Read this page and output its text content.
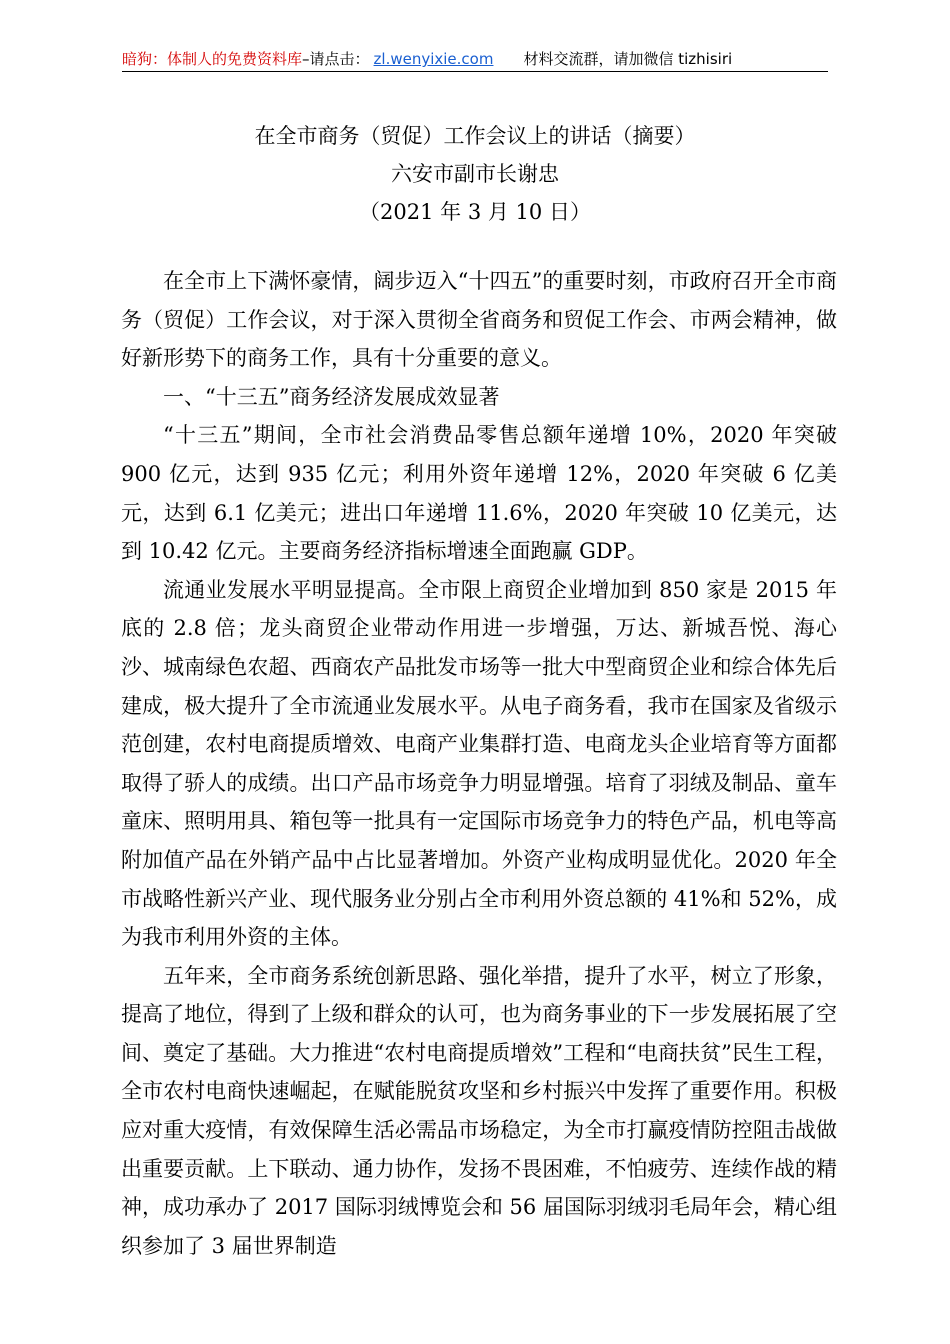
暗狗：体制人的免费资料库–请点击： zl.wenyixie.com 材料交流群，请加微信 tizhisiri
在全市商务（贸促）工作会议上的讲话（摘要）
六安市副市长谢忠
（2021 年 3 月 10 日）

在全市上下满怀豪情，阔步迈入“十四五”的重要时刻，市政府召开全市商务（贸促）工作会议，对于深入贯彻全省商务和贸促工作会、市两会精神，做好新形势下的商务工作，具有十分重要的意义。

一、“十三五”商务经济发展成效显著

“十三五”期间，全市社会消费品零售总额年递增 10%，2020 年突破 900 亿元，达到 935 亿元；利用外资年递增 12%，2020 年突破 6 亿美元，达到 6.1 亿美元；进出口年递增 11.6%，2020 年突破 10 亿美元，达到 10.42 亿元。主要商务经济指标增速全面跑赢 GDP。

流通业发展水平明显提高。全市限上商贸企业增加到 850 家是 2015 年底的 2.8 倍；龙头商贸企业带动作用进一步增强，万达、新城吾悦、海心沙、城南绿色农超、西商农产品批发市场等一批大中型商贸企业和综合体先后建成，极大提升了全市流通业发展水平。从电子商务看，我市在国家及省级示范创建，农村电商提质增效、电商产业集群打造、电商龙头企业培育等方面都取得了骄人的成绩。出口产品市场竞争力明显增强。培育了羽绒及制品、童车童床、照明用具、箱包等一批具有一定国际市场竞争力的特色产品，机电等高附加值产品在外销产品中占比显著增加。外资产业构成明显优化。2020 年全市战略性新兴产业、现代服务业分别占全市利用外资总额的 41%和 52%，成为我市利用外资的主体。

五年来，全市商务系统创新思路、强化举措，提升了水平，树立了形象，提高了地位，得到了上级和群众的认可，也为商务事业的下一步发展拓展了空间、奠定了基础。大力推进“农村电商提质增效”工程和“电商扶贫”民生工程，全市农村电商快速崛起，在赋能脱贫攻坚和乡村振兴中发挥了重要作用。积极应对重大疫情，有效保障生活必需品市场稳定，为全市打赢疫情防控阻击战做出重要贡献。上下联动、通力协作，发扬不畏困难，不怕疲劳、连续作战的精神，成功承办了 2017 国际羽绒博览会和 56 届国际羽绒羽毛局年会，精心组织参加了 3 届世界制造
